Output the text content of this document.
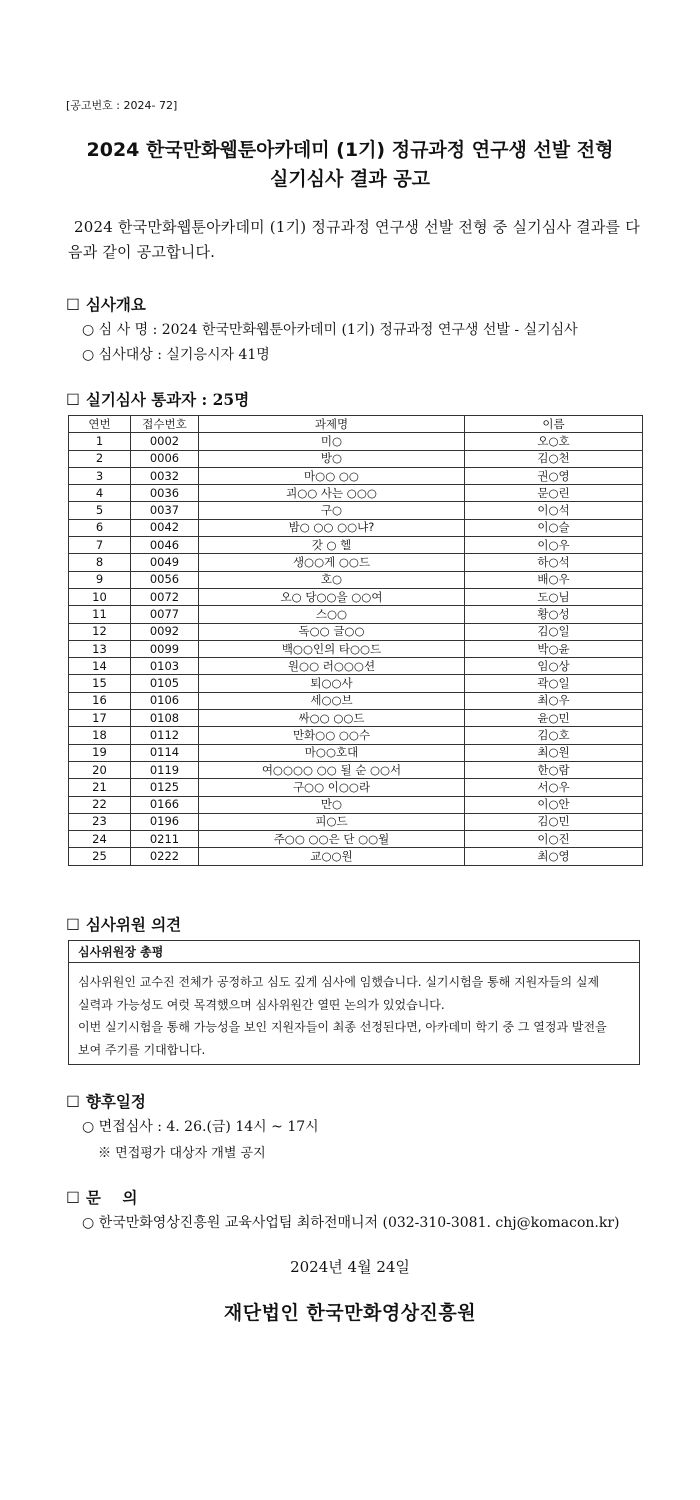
[공고번호 : 2024- 72]
2024 한국만화웹툰아카데미 (1기) 정규과정 연구생 선발 전형
실기심사 결과 공고
2024 한국만화웹툰아카데미 (1기) 정규과정 연구생 선발 전형 중 실기심사 결과를 다음과 같이 공고합니다.
☐ 심사개요
○ 심 사 명 : 2024 한국만화웹툰아카데미 (1기) 정규과정 연구생 선발 - 실기심사
○ 심사대상 : 실기응시자 41명
☐ 실기심사 통과자 : 25명
연번	접수번호	과제명	이름
1	0002	미○	오○호
2	0006	방○	김○천
3	0032	마○○ ○○	권○영
4	0036	괴○○ 사는 ○○○	문○린
5	0037	구○	이○석
6	0042	밤○ ○○ ○○냐?	이○슬
7	0046	갓 ○ 헬	이○우
8	0049	생○○게 ○○드	하○석
9	0056	호○	배○우
10	0072	오○ 당○○을 ○○여	도○님
11	0077	스○○	황○성
12	0092	독○○ 글○○	김○일
13	0099	백○○인의 타○○드	박○윤
14	0103	원○○ 러○○○션	임○상
15	0105	퇴○○사	곽○일
16	0106	세○○브	최○우
17	0108	싸○○ ○○드	윤○민
18	0112	만화○○ ○○수	김○호
19	0114	마○○호대	최○원
20	0119	여○○○○ ○○ 될 순 ○○서	한○람
21	0125	구○○ 이○○라	서○우
22	0166	만○	이○안
23	0196	피○드	김○민
24	0211	주○○ ○○은 단 ○○월	이○진
25	0222	교○○원	최○영
☐ 심사위원 의견
심사위원장 총평
심사위원인 교수진 전체가 공정하고 심도 깊게 심사에 임했습니다. 실기시험을 통해 지원자들의 실제
실력과 가능성도 여럿 목격했으며 심사위원간 열띤 논의가 있었습니다.
이번 실기시험을 통해 가능성을 보인 지원자들이 최종 선정된다면, 아카데미 학기 중 그 열정과 발전을
보여 주기를 기대합니다.
☐ 향후일정
○ 면접심사 : 4. 26.(금) 14시 ~ 17시
※ 면접평가 대상자 개별 공지
☐ 문    의
○ 한국만화영상진흥원 교육사업팀 최하전매니저 (032-310-3081. chj@komacon.kr)
2024년 4월 24일
재단법인 한국만화영상진흥원
